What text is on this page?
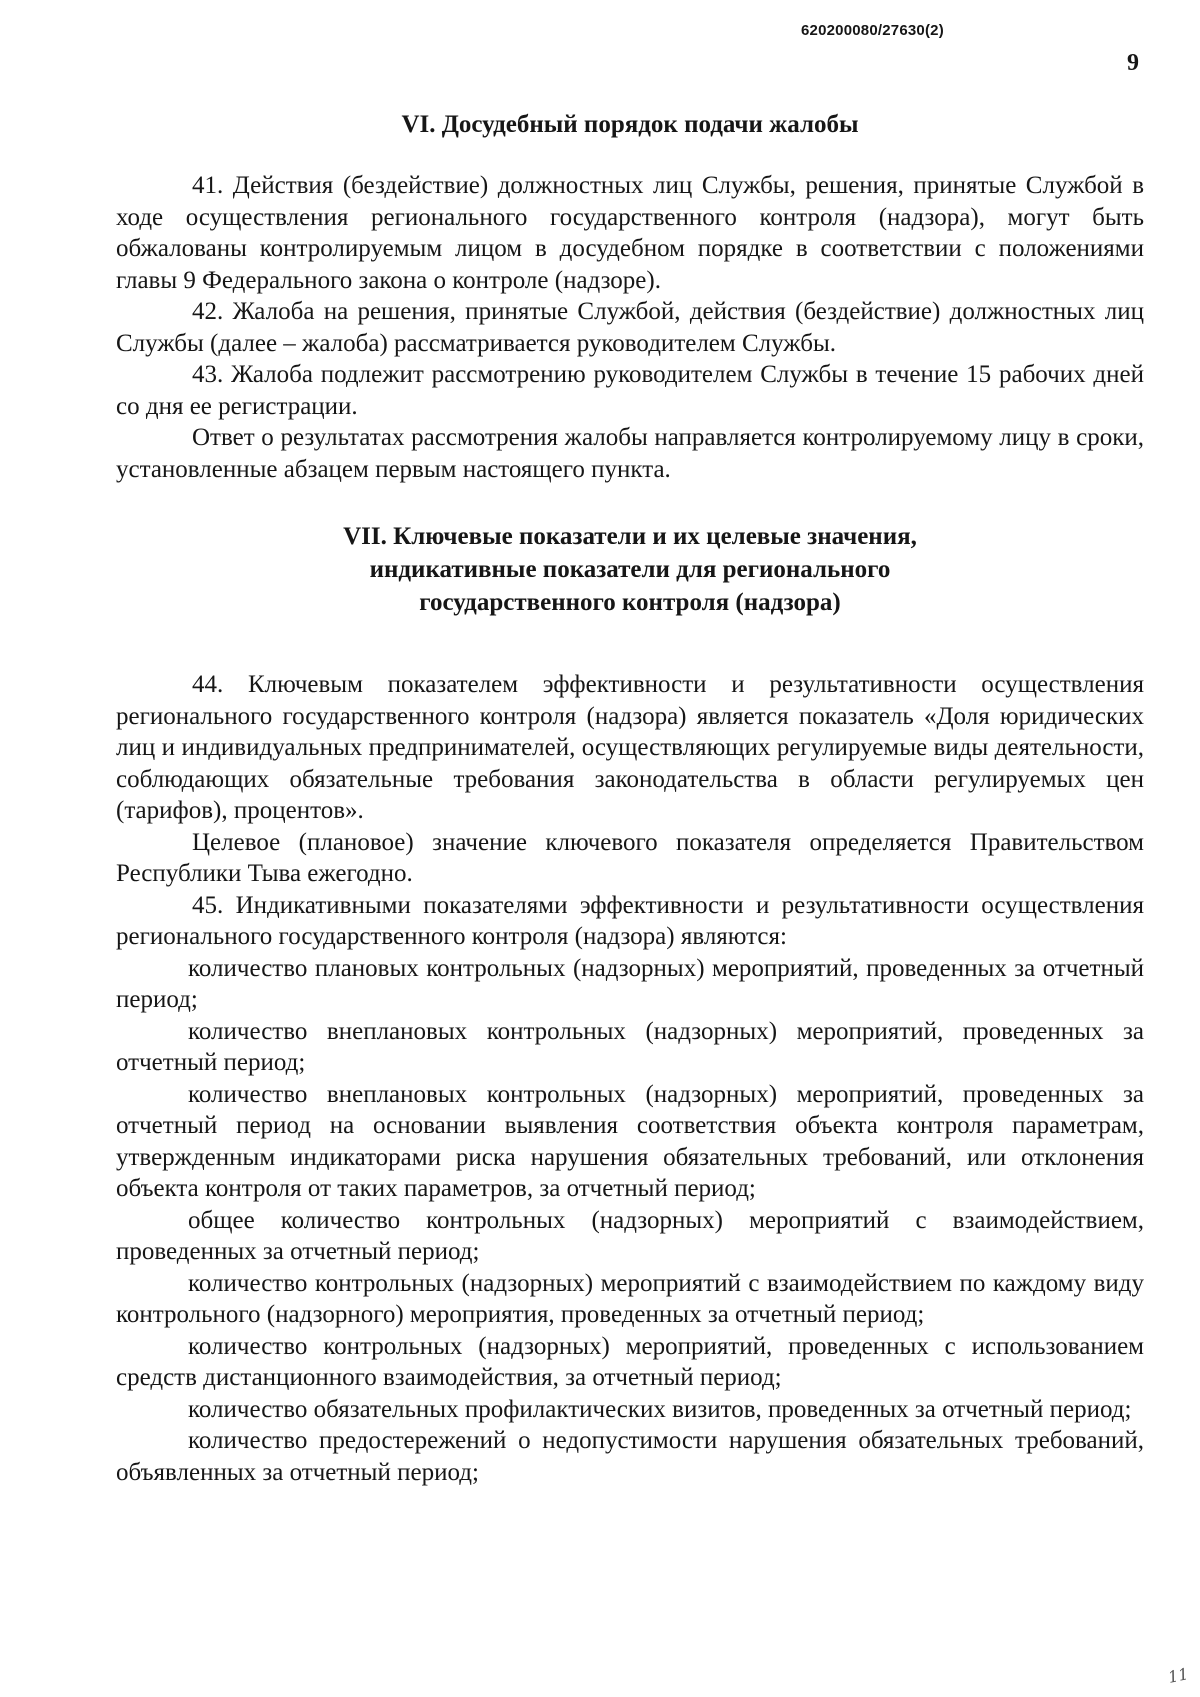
620200080/27630(2)
9
VI. Досудебный порядок подачи жалобы

41. Действия (бездействие) должностных лиц Службы, решения, принятые Службой в ходе осуществления регионального государственного контроля (надзора), могут быть обжалованы контролируемым лицом в досудебном порядке в соответствии с положениями главы 9 Федерального закона о контроле (надзоре).

42. Жалоба на решения, принятые Службой, действия (бездействие) должностных лиц Службы (далее – жалоба) рассматривается руководителем Службы.

43. Жалоба подлежит рассмотрению руководителем Службы в течение 15 рабочих дней со дня ее регистрации.

Ответ о результатах рассмотрения жалобы направляется контролируемому лицу в сроки, установленные абзацем первым настоящего пункта.

VII. Ключевые показатели и их целевые значения,
индикативные показатели для регионального
государственного контроля (надзора)

44. Ключевым показателем эффективности и результативности осуществления регионального государственного контроля (надзора) является показатель «Доля юридических лиц и индивидуальных предпринимателей, осуществляющих регулируемые виды деятельности, соблюдающих обязательные требования законодательства в области регулируемых цен (тарифов), процентов».

Целевое (плановое) значение ключевого показателя определяется Правительством Республики Тыва ежегодно.

45. Индикативными показателями эффективности и результативности осуществления регионального государственного контроля (надзора) являются:

количество плановых контрольных (надзорных) мероприятий, проведенных за отчетный период;

количество внеплановых контрольных (надзорных) мероприятий, проведенных за отчетный период;

количество внеплановых контрольных (надзорных) мероприятий, проведенных за отчетный период на основании выявления соответствия объекта контроля параметрам, утвержденным индикаторами риска нарушения обязательных требований, или отклонения объекта контроля от таких параметров, за отчетный период;

общее количество контрольных (надзорных) мероприятий с взаимодействием, проведенных за отчетный период;

количество контрольных (надзорных) мероприятий с взаимодействием по каждому виду контрольного (надзорного) мероприятия, проведенных за отчетный период;

количество контрольных (надзорных) мероприятий, проведенных с использованием средств дистанционного взаимодействия, за отчетный период;

количество обязательных профилактических визитов, проведенных за отчетный период;

количество предостережений о недопустимости нарушения обязательных требований, объявленных за отчетный период;

11
